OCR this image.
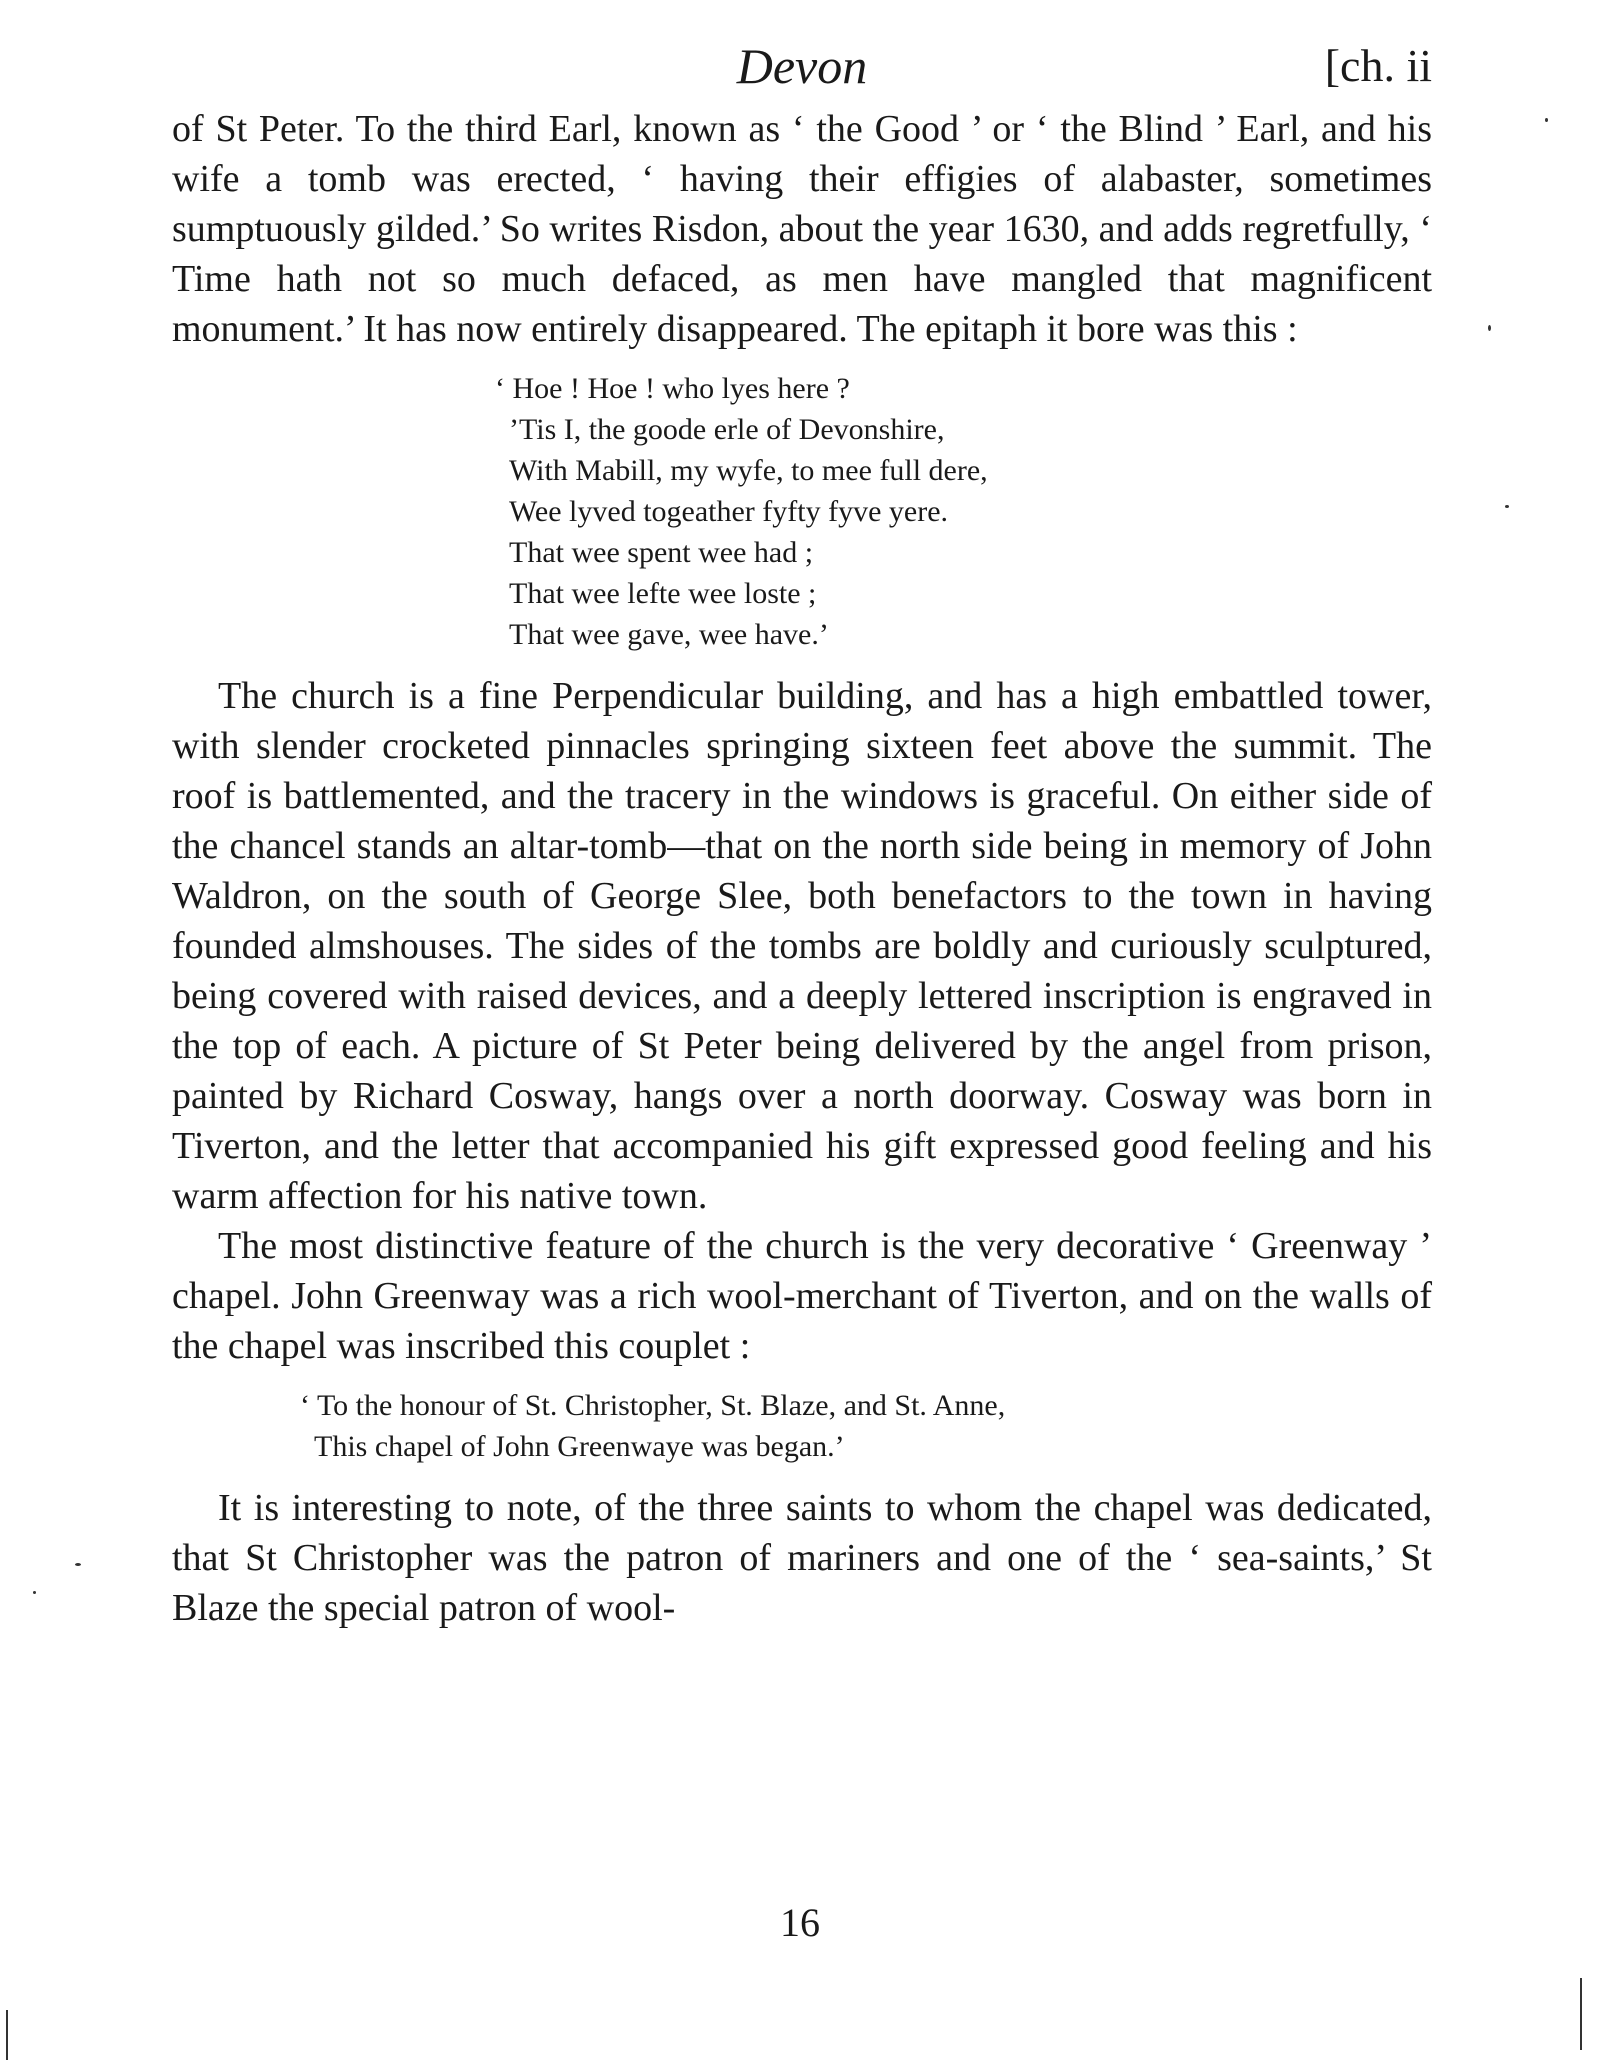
Devon	[ch. ii

of St Peter. To the third Earl, known as ‘ the Good ’ or ‘ the Blind ’ Earl, and his wife a tomb was erected, ‘ having their effigies of alabaster, sometimes sumptuously gilded.’ So writes Risdon, about the year 1630, and adds regretfully, ‘ Time hath not so much defaced, as men have mangled that magnificent monument.’ It has now entirely disappeared. The epitaph it bore was this :

‘ Hoe ! Hoe ! who lyes here ?
’Tis I, the goode erle of Devonshire,
With Mabill, my wyfe, to mee full dere,
Wee lyved togeather fyfty fyve yere.
That wee spent wee had ;
That wee lefte wee loste ;
That wee gave, wee have.’

The church is a fine Perpendicular building, and has a high embattled tower, with slender crocketed pinnacles springing sixteen feet above the summit. The roof is battlemented, and the tracery in the windows is graceful. On either side of the chancel stands an altar-tomb—that on the north side being in memory of John Waldron, on the south of George Slee, both benefactors to the town in having founded almshouses. The sides of the tombs are boldly and curiously sculptured, being covered with raised devices, and a deeply lettered inscription is engraved in the top of each. A picture of St Peter being delivered by the angel from prison, painted by Richard Cosway, hangs over a north doorway. Cosway was born in Tiverton, and the letter that accompanied his gift expressed good feeling and his warm affection for his native town.

The most distinctive feature of the church is the very decorative ‘ Greenway ’ chapel. John Greenway was a rich wool-merchant of Tiverton, and on the walls of the chapel was inscribed this couplet :

‘ To the honour of St. Christopher, St. Blaze, and St. Anne,
This chapel of John Greenwaye was began.’

It is interesting to note, of the three saints to whom the chapel was dedicated, that St Christopher was the patron of mariners and one of the ‘ sea-saints,’ St Blaze the special patron of wool-

16
